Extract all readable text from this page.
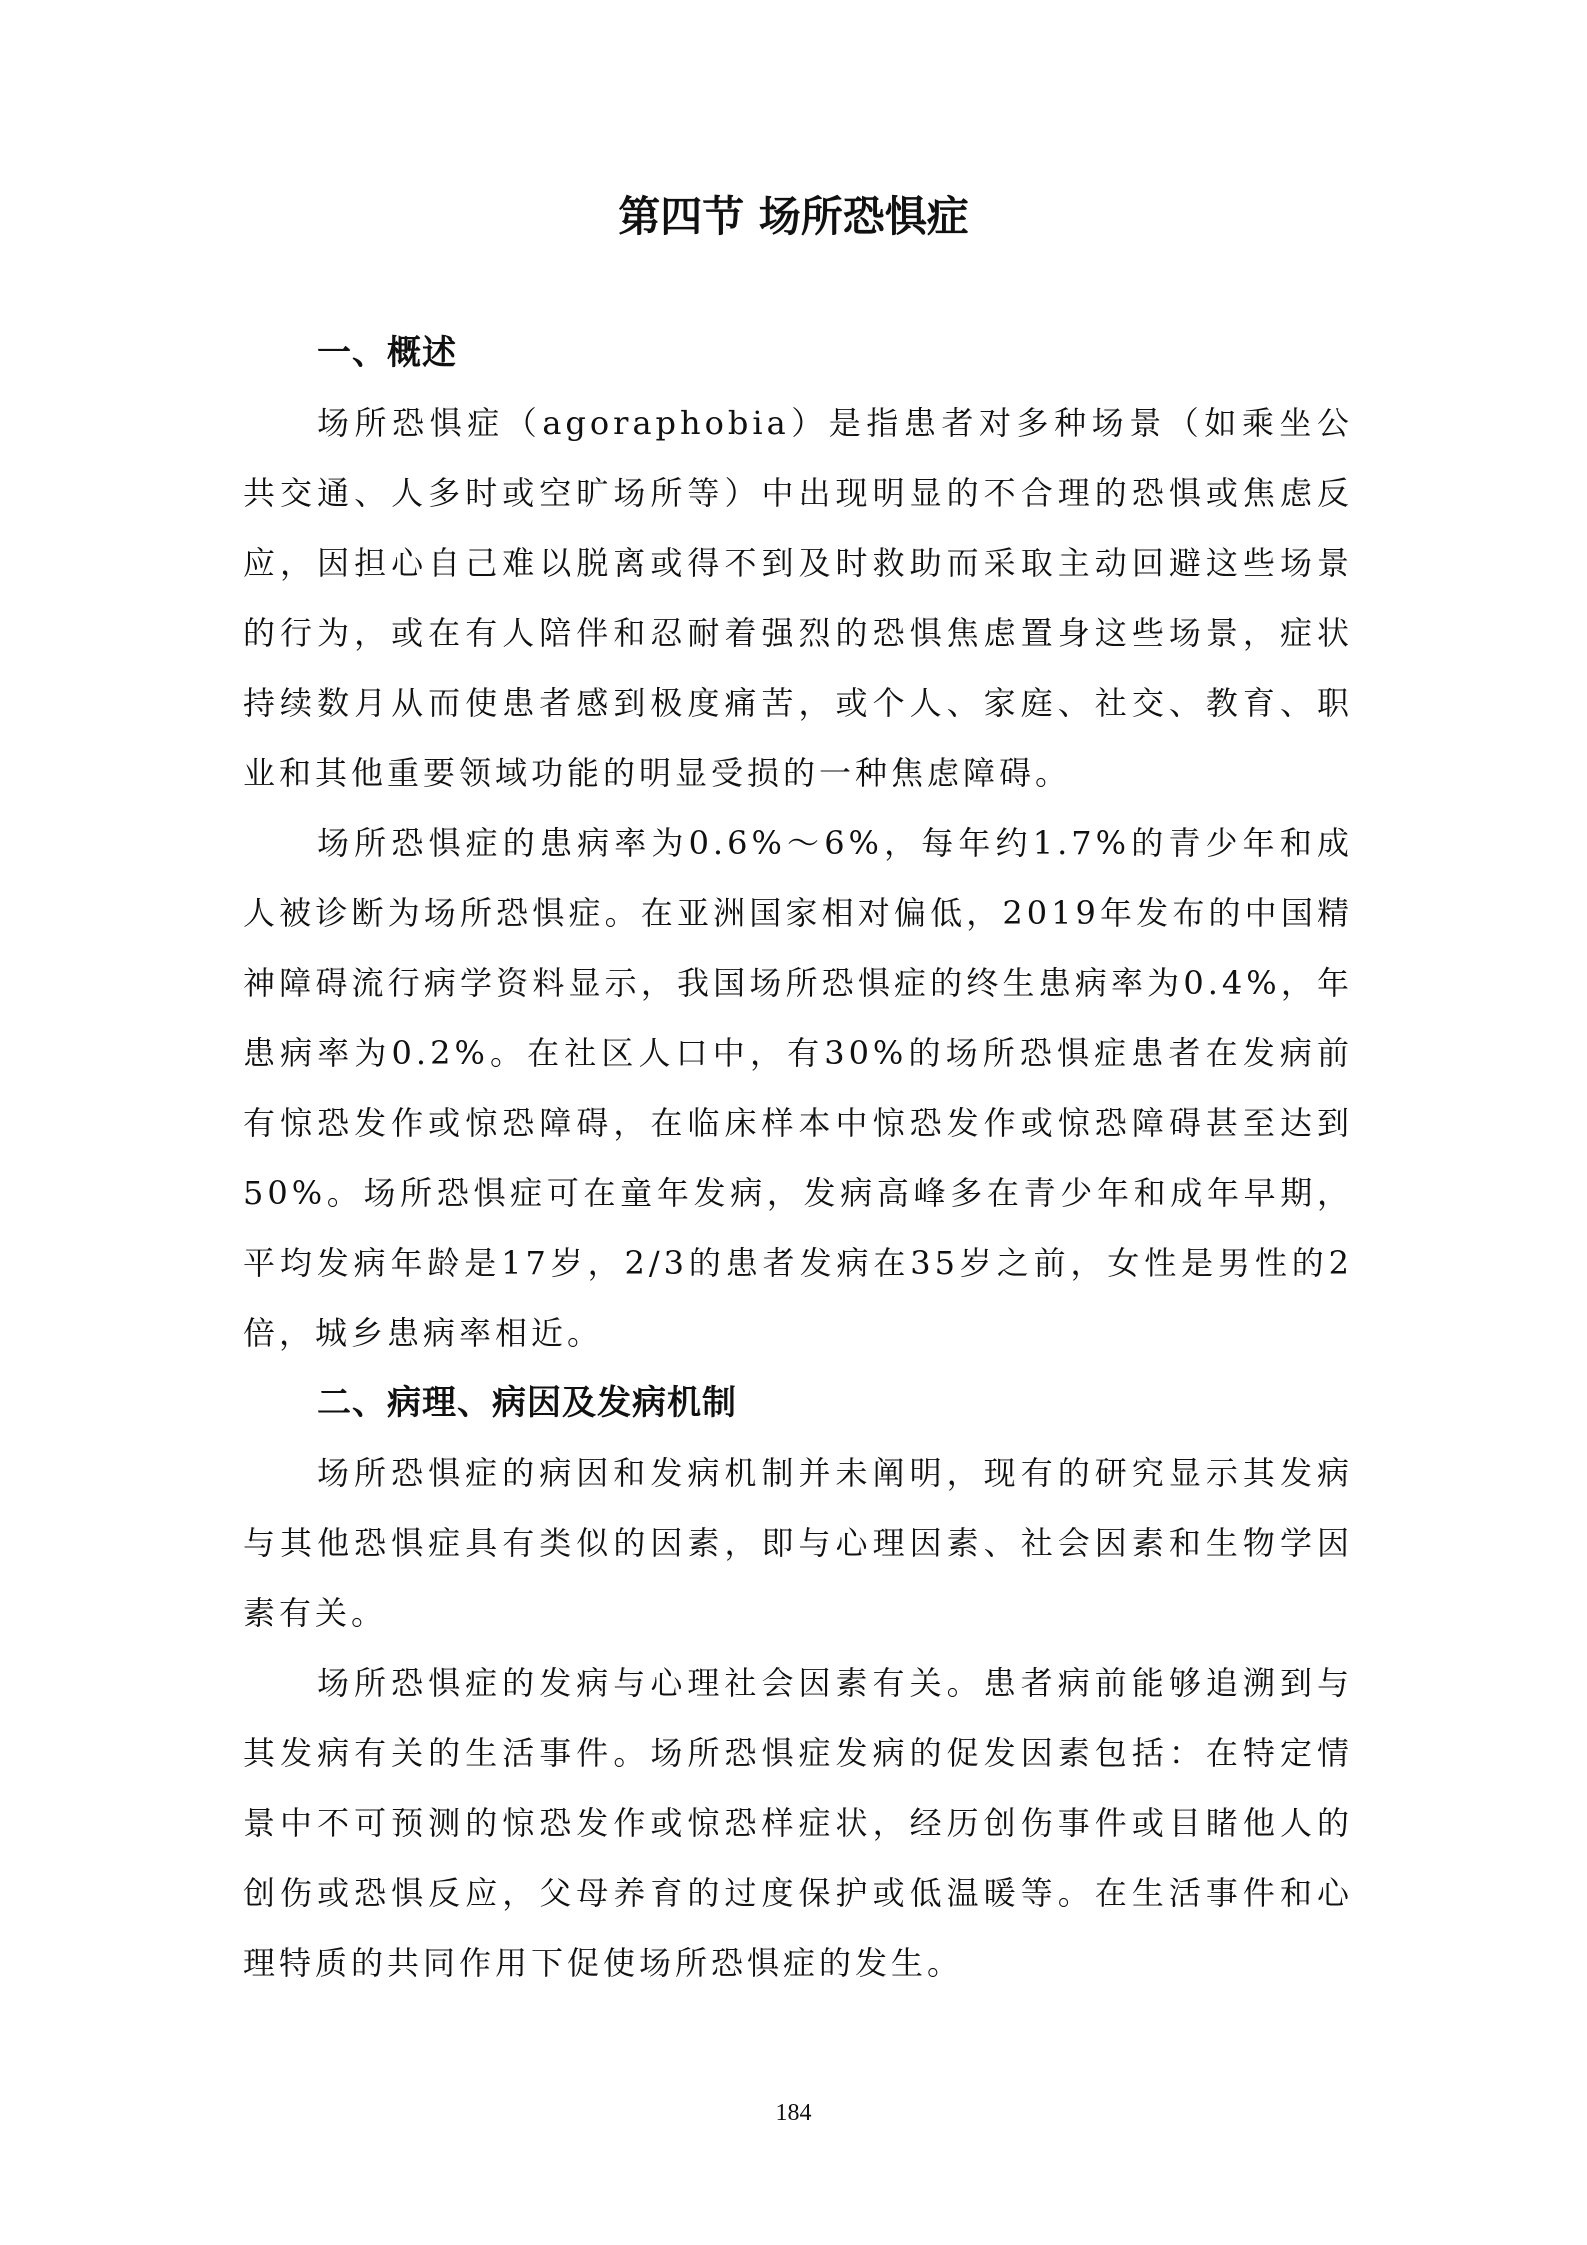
第四节 场所恐惧症
一、概述

场所恐惧症（agoraphobia）是指患者对多种场景（如乘坐公共交通、人多时或空旷场所等）中出现明显的不合理的恐惧或焦虑反应，因担心自己难以脱离或得不到及时救助而采取主动回避这些场景的行为，或在有人陪伴和忍耐着强烈的恐惧焦虑置身这些场景，症状持续数月从而使患者感到极度痛苦，或个人、家庭、社交、教育、职业和其他重要领域功能的明显受损的一种焦虑障碍。

场所恐惧症的患病率为0.6%～6%，每年约1.7%的青少年和成人被诊断为场所恐惧症。在亚洲国家相对偏低，2019年发布的中国精神障碍流行病学资料显示，我国场所恐惧症的终生患病率为0.4%，年患病率为0.2%。在社区人口中，有30%的场所恐惧症患者在发病前有惊恐发作或惊恐障碍，在临床样本中惊恐发作或惊恐障碍甚至达到50%。场所恐惧症可在童年发病，发病高峰多在青少年和成年早期，平均发病年龄是17岁，2/3的患者发病在35岁之前，女性是男性的2倍，城乡患病率相近。

二、病理、病因及发病机制

场所恐惧症的病因和发病机制并未阐明，现有的研究显示其发病与其他恐惧症具有类似的因素，即与心理因素、社会因素和生物学因素有关。

场所恐惧症的发病与心理社会因素有关。患者病前能够追溯到与其发病有关的生活事件。场所恐惧症发病的促发因素包括：在特定情景中不可预测的惊恐发作或惊恐样症状，经历创伤事件或目睹他人的创伤或恐惧反应，父母养育的过度保护或低温暖等。在生活事件和心理特质的共同作用下促使场所恐惧症的发生。

184
